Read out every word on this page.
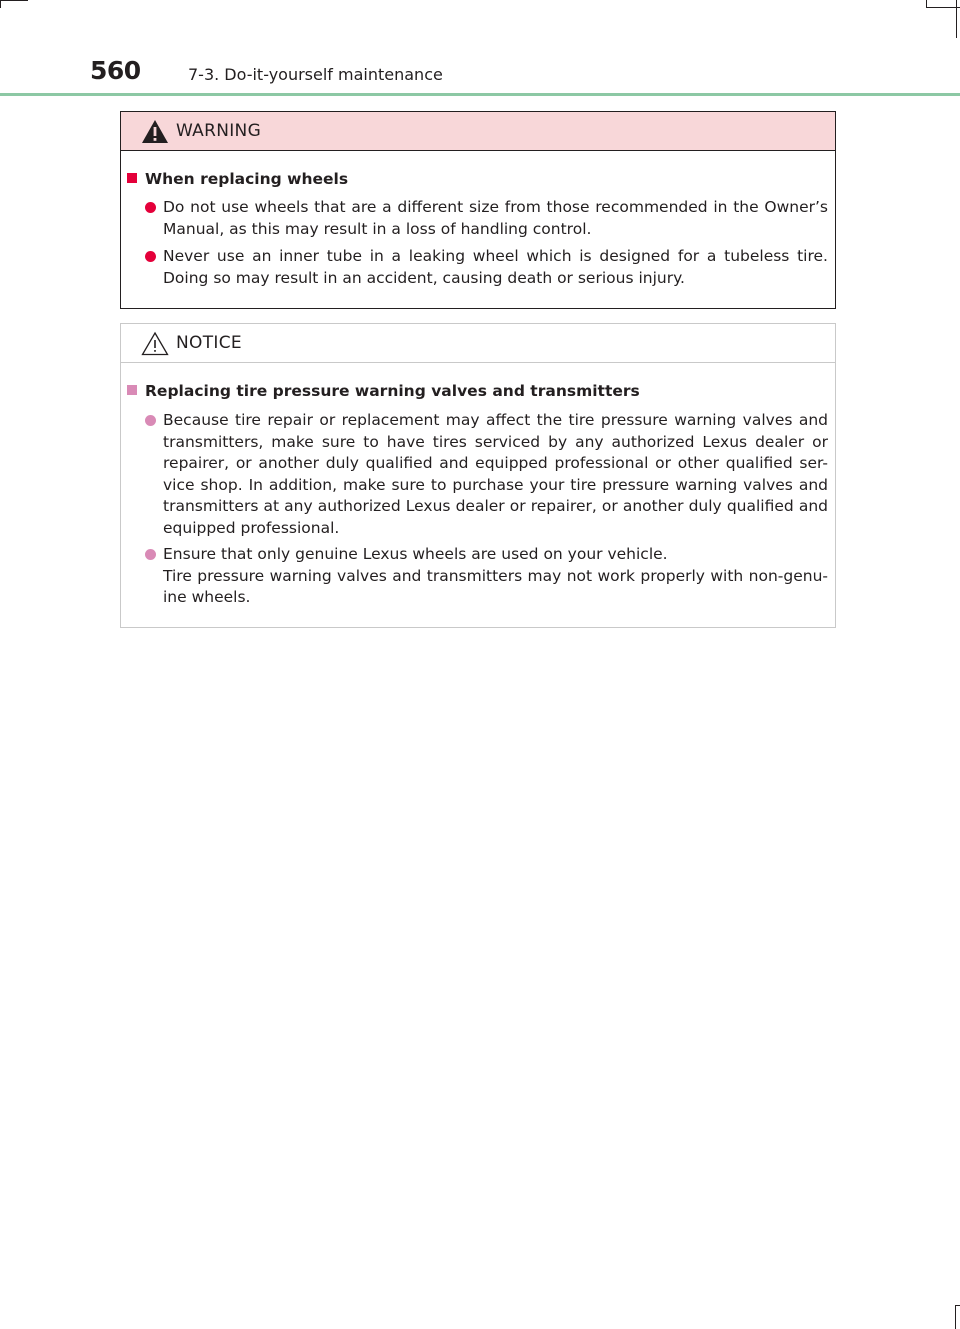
560	7-3. Do-it-yourself maintenance
WARNING
When replacing wheels
Do not use wheels that are a different size from those recommended in the Owner’s Manual, as this may result in a loss of handling control.
Never use an inner tube in a leaking wheel which is designed for a tubeless tire. Doing so may result in an accident, causing death or serious injury.
NOTICE
Replacing tire pressure warning valves and transmitters
Because tire repair or replacement may affect the tire pressure warning valves and transmitters, make sure to have tires serviced by any authorized Lexus dealer or repairer, or another duly qualified and equipped professional or other qualified ser-vice shop. In addition, make sure to purchase your tire pressure warning valves and transmitters at any authorized Lexus dealer or repairer, or another duly qualified and equipped professional.
Ensure that only genuine Lexus wheels are used on your vehicle.
Tire pressure warning valves and transmitters may not work properly with non-genu-ine wheels.
